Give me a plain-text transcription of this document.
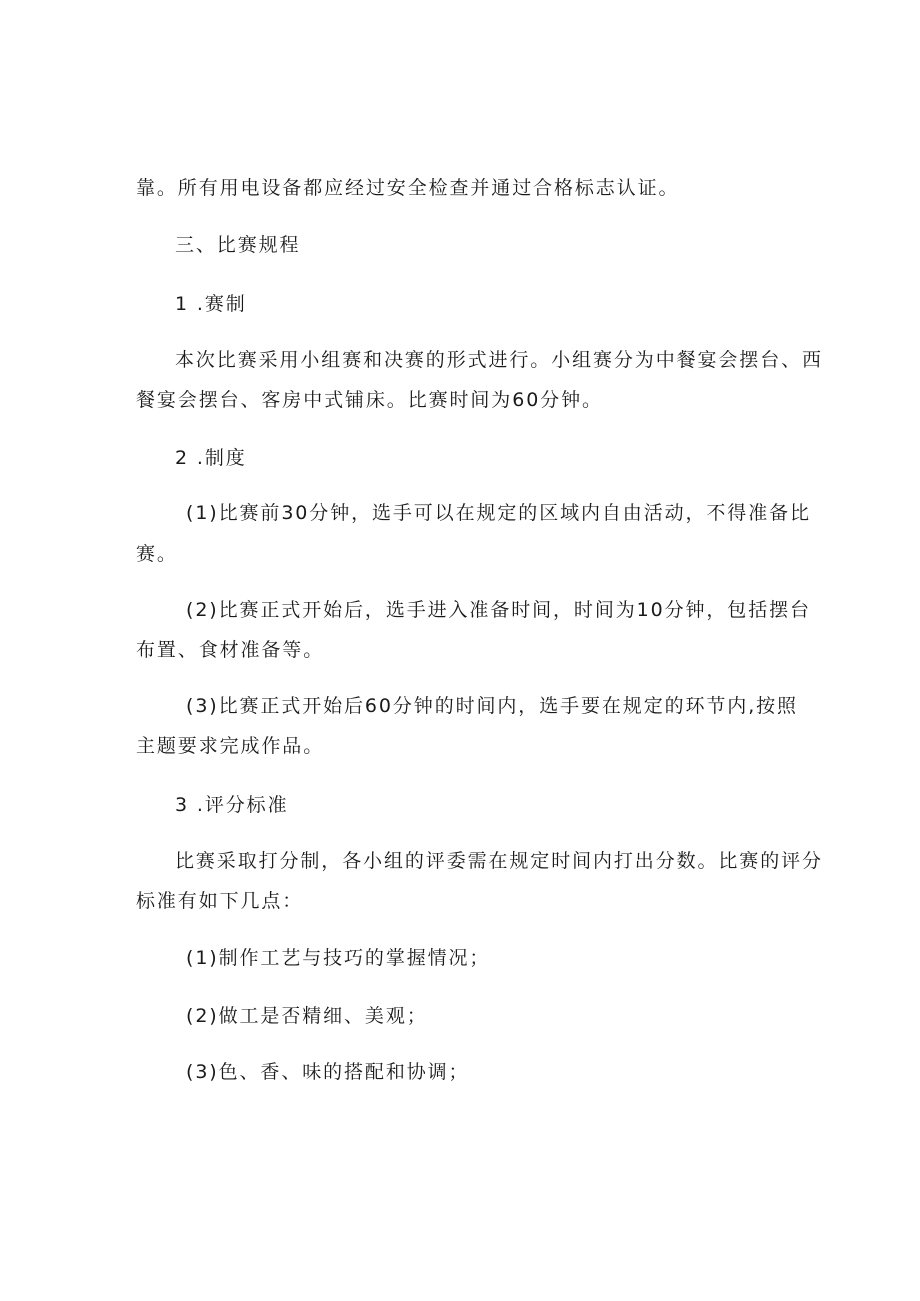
靠。所有用电设备都应经过安全检查并通过合格标志认证。

三、比赛规程

1 .赛制

本次比赛采用小组赛和决赛的形式进行。小组赛分为中餐宴会摆台、西

餐宴会摆台、客房中式铺床。比赛时间为60分钟。

2 .制度

(1)比赛前30分钟，选手可以在规定的区域内自由活动，不得准备比

赛。

(2)比赛正式开始后，选手进入准备时间，时间为10分钟，包括摆台

布置、食材准备等。

(3)比赛正式开始后60分钟的时间内，选手要在规定的环节内,按照

主题要求完成作品。

3 .评分标准

比赛采取打分制，各小组的评委需在规定时间内打出分数。比赛的评分

标准有如下几点：

(1)制作工艺与技巧的掌握情况；

(2)做工是否精细、美观；

(3)色、香、味的搭配和协调；
